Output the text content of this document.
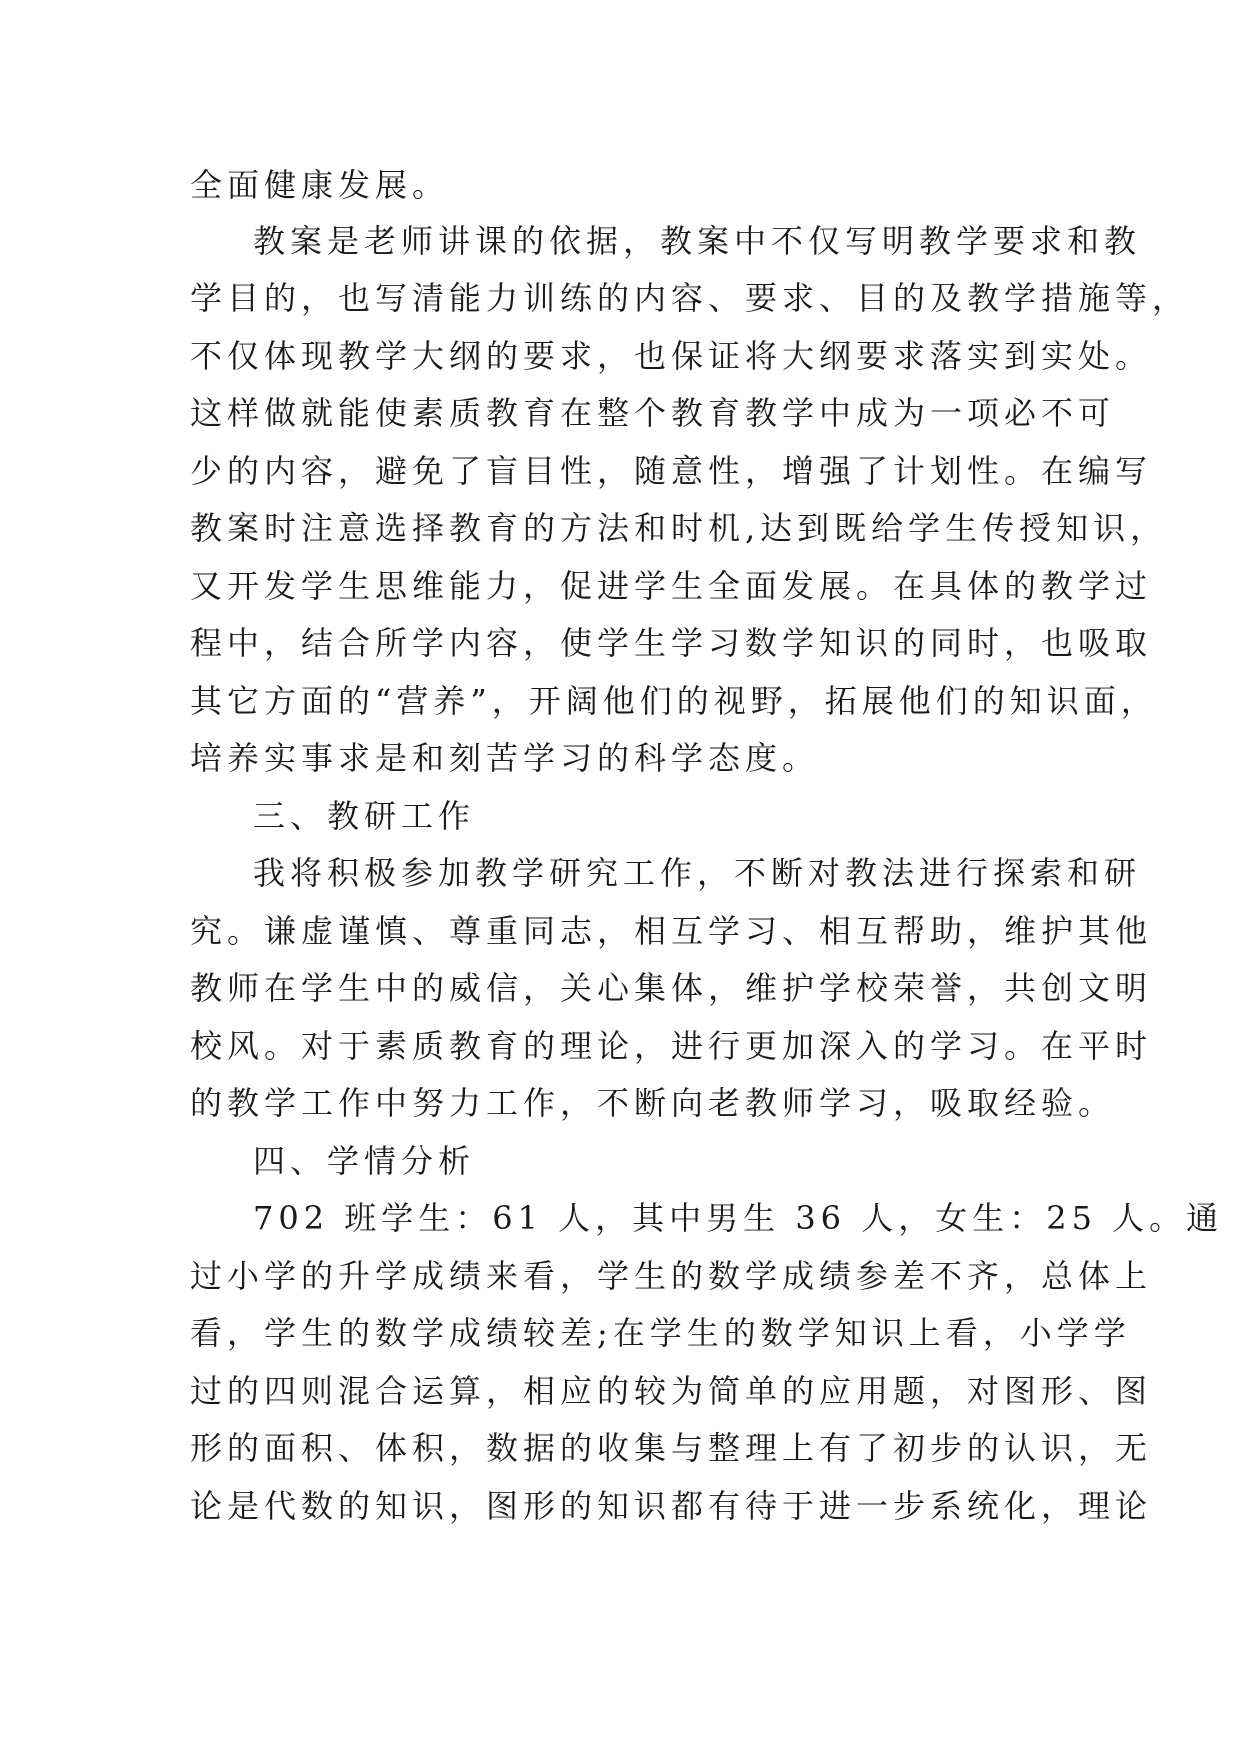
全面健康发展。
教案是老师讲课的依据，教案中不仅写明教学要求和教
学目的，也写清能力训练的内容、要求、目的及教学措施等，
不仅体现教学大纲的要求，也保证将大纲要求落实到实处。
这样做就能使素质教育在整个教育教学中成为一项必不可
少的内容，避免了盲目性，随意性，增强了计划性。在编写
教案时注意选择教育的方法和时机,达到既给学生传授知识，
又开发学生思维能力，促进学生全面发展。在具体的教学过
程中，结合所学内容，使学生学习数学知识的同时，也吸取
其它方面的“营养”，开阔他们的视野，拓展他们的知识面，
培养实事求是和刻苦学习的科学态度。
三、教研工作
我将积极参加教学研究工作，不断对教法进行探索和研
究。谦虚谨慎、尊重同志，相互学习、相互帮助，维护其他
教师在学生中的威信，关心集体，维护学校荣誉，共创文明
校风。对于素质教育的理论，进行更加深入的学习。在平时
的教学工作中努力工作，不断向老教师学习，吸取经验。
四、学情分析
702 班学生：61 人，其中男生 36 人，女生：25 人。通
过小学的升学成绩来看，学生的数学成绩参差不齐，总体上
看，学生的数学成绩较差;在学生的数学知识上看，小学学
过的四则混合运算，相应的较为简单的应用题，对图形、图
形的面积、体积，数据的收集与整理上有了初步的认识，无
论是代数的知识，图形的知识都有待于进一步系统化，理论
